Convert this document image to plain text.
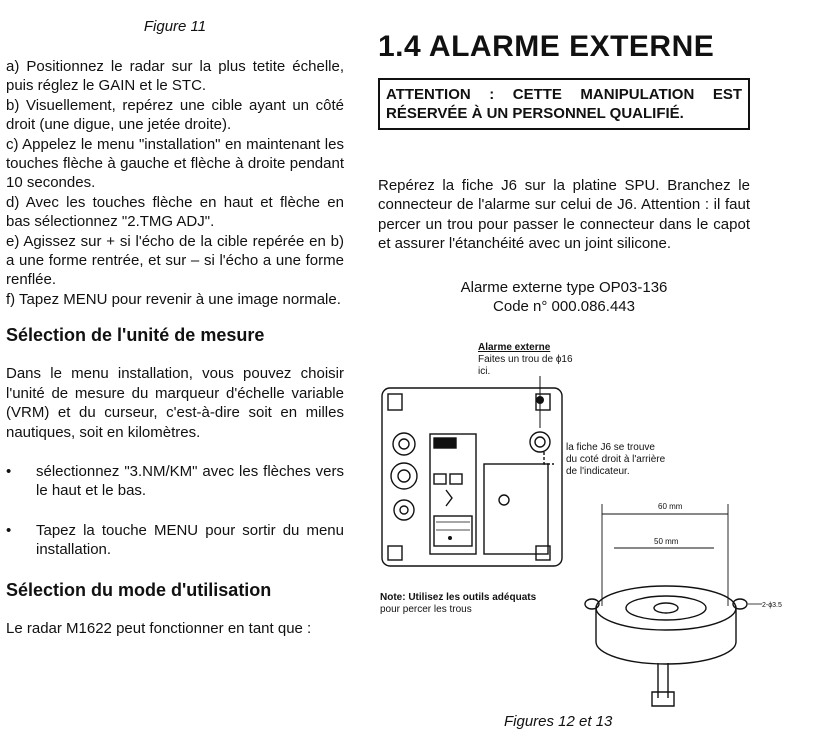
Figure 11

a) Positionnez le radar sur la plus tetite échelle, puis réglez le GAIN et le STC.

b) Visuellement, repérez une cible ayant un côté droit (une digue, une jetée droite).

c) Appelez le menu "installation" en maintenant les touches flèche à gauche et flèche à droite pendant 10 secondes.

d) Avec les touches flèche en haut et flèche en bas sélectionnez "2.TMG ADJ".

e) Agissez sur + si l'écho de la cible repérée en b) a une forme rentrée, et sur – si l'écho a une forme renflée.

f) Tapez MENU pour revenir à une image normale.

Sélection de l'unité de mesure

Dans le menu installation, vous pouvez choisir l'unité de mesure du marqueur d'échelle variable (VRM) et du curseur, c'est-à-dire soit en milles nautiques, soit en kilomètres.

• sélectionnez "3.NM/KM" avec les flèches vers le haut et le bas.
• Tapez la touche MENU pour sortir du menu installation.
Sélection du mode d'utilisation

Le radar M1622 peut fonctionner en tant que :

1.4 ALARME EXTERNE
ATTENTION : CETTE MANIPULATION EST
RÉSERVÉE À UN PERSONNEL QUALIFIÉ.

Repérez la fiche J6 sur la platine SPU. Branchez le connecteur de l'alarme sur celui de J6. Attention : il faut percer un trou pour passer le connecteur dans le capot et assurer l'étanchéité avec un joint silicone.

Alarme externe type OP03-136
Code n° 000.086.443
Alarme externe
Faites un trou de ϕ16
ici.
la fiche J6 se trouve
du coté droit à l'arrière
de l'indicateur.
Note: Utilisez les outils adéquats
pour percer les trous
60 mm
50 mm
2-ϕ3.5
Figures 12 et 13
